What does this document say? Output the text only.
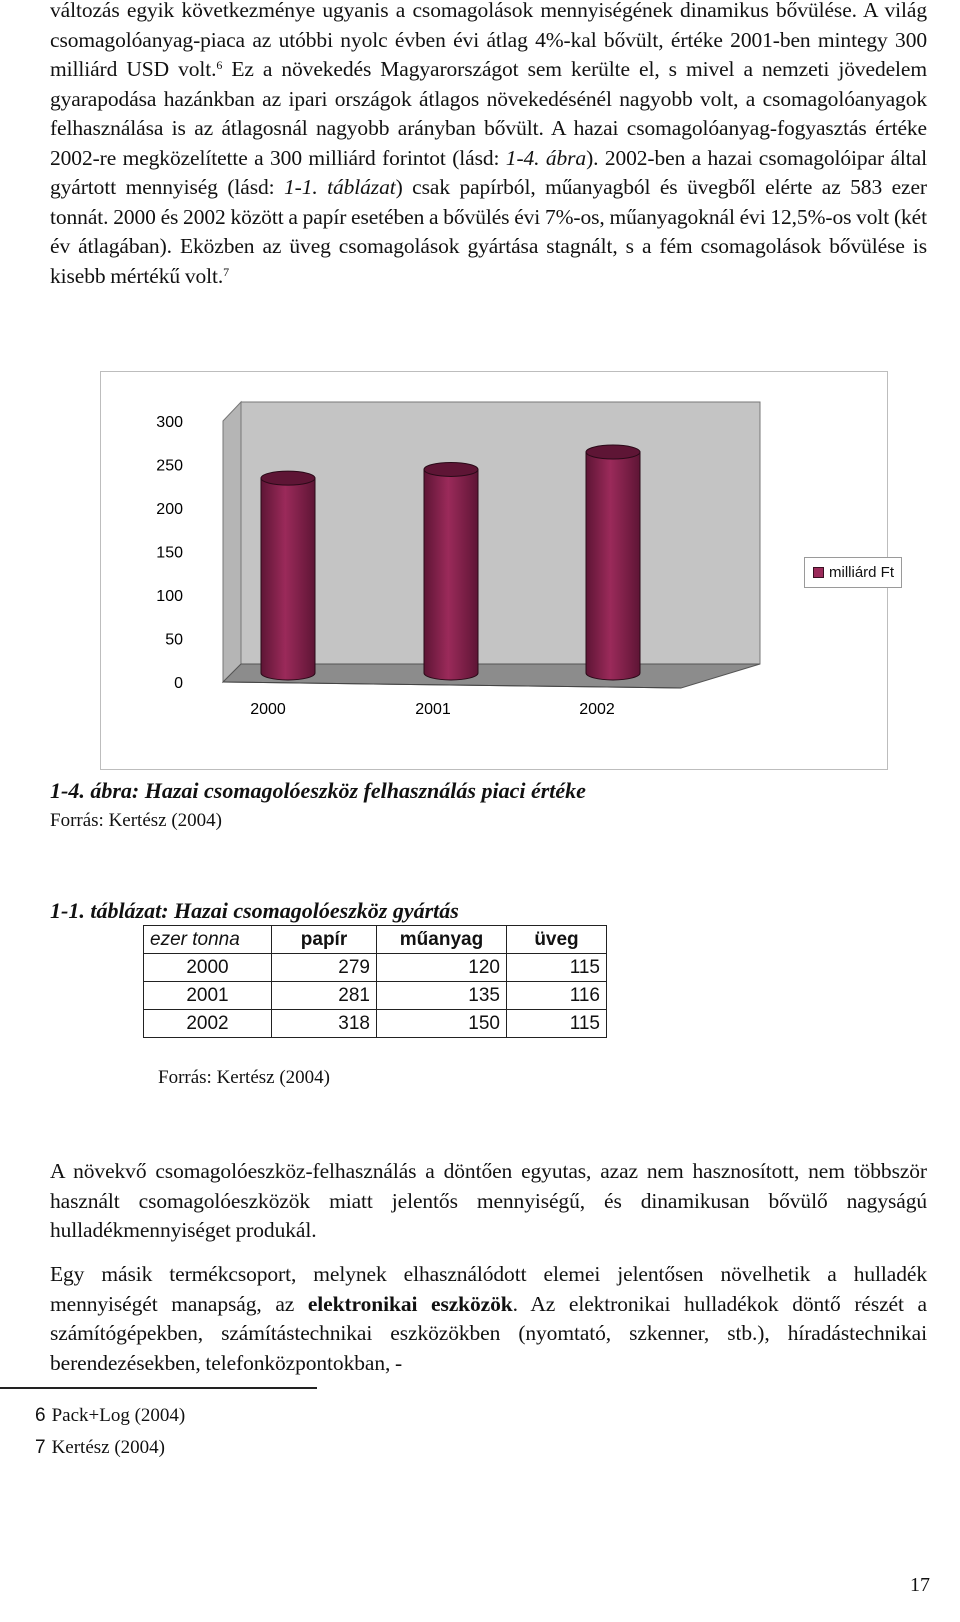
változás egyik következménye ugyanis a csomagolások mennyiségének dinamikus bővülése. A világ csomagolóanyag-piaca az utóbbi nyolc évben évi átlag 4%-kal bővült, értéke 2001-ben mintegy 300 milliárd USD volt.$^6$ Ez a növekedés Magyarországot sem kerülte el, s mivel a nemzeti jövedelem gyarapodása hazánkban az ipari országok átlagos növekedésénél nagyobb volt, a csomagolóanyagok felhasználása is az átlagosnál nagyobb arányban bővült. A hazai csomagolóanyag-fogyasztás értéke 2002-re megközelítette a 300 milliárd forintot (lásd: 1-4. ábra). 2002-ben a hazai csomagolóipar által gyártott mennyiség (lásd: 1-1. táblázat) csak papírból, műanyagból és üvegből elérte az 583 ezer tonnát. 2000 és 2002 között a papír esetében a bővülés évi 7%-os, műanyagoknál évi 12,5%-os volt (két év átlagában). Eközben az üveg csomagolások gyártása stagnált, s a fém csomagolások bővülése is kisebb mértékű volt.$^7$

0
50
100
150
200
250
300
2000	2001	2002
milliárd Ft

1-4. ábra: Hazai csomagolóeszköz felhasználás piaci értéke

Forrás: Kertész (2004)

1-1. táblázat: Hazai csomagolóeszköz gyártás

ezer tonna	papír	műanyag	üveg
2000	279	120	115
2001	281	135	116
2002	318	150	115

Forrás: Kertész (2004)

A növekvő csomagolóeszköz-felhasználás a döntően egyutas, azaz nem hasznosított, nem többször használt csomagolóeszközök miatt jelentős mennyiségű, és dinamikusan bővülő nagyságú hulladékmennyiséget produkál.

Egy másik termékcsoport, melynek elhasználódott elemei jelentősen növelhetik a hulladék mennyiségét manapság, az elektronikai eszközök. Az elektronikai hulladékok döntő részét a számítógépekben, számítástechnikai eszközökben (nyomtató, szkenner, stb.), híradástechnikai berendezésekben, telefonközpontokban, -

6 Pack+Log (2004)

7 Kertész (2004)

17
